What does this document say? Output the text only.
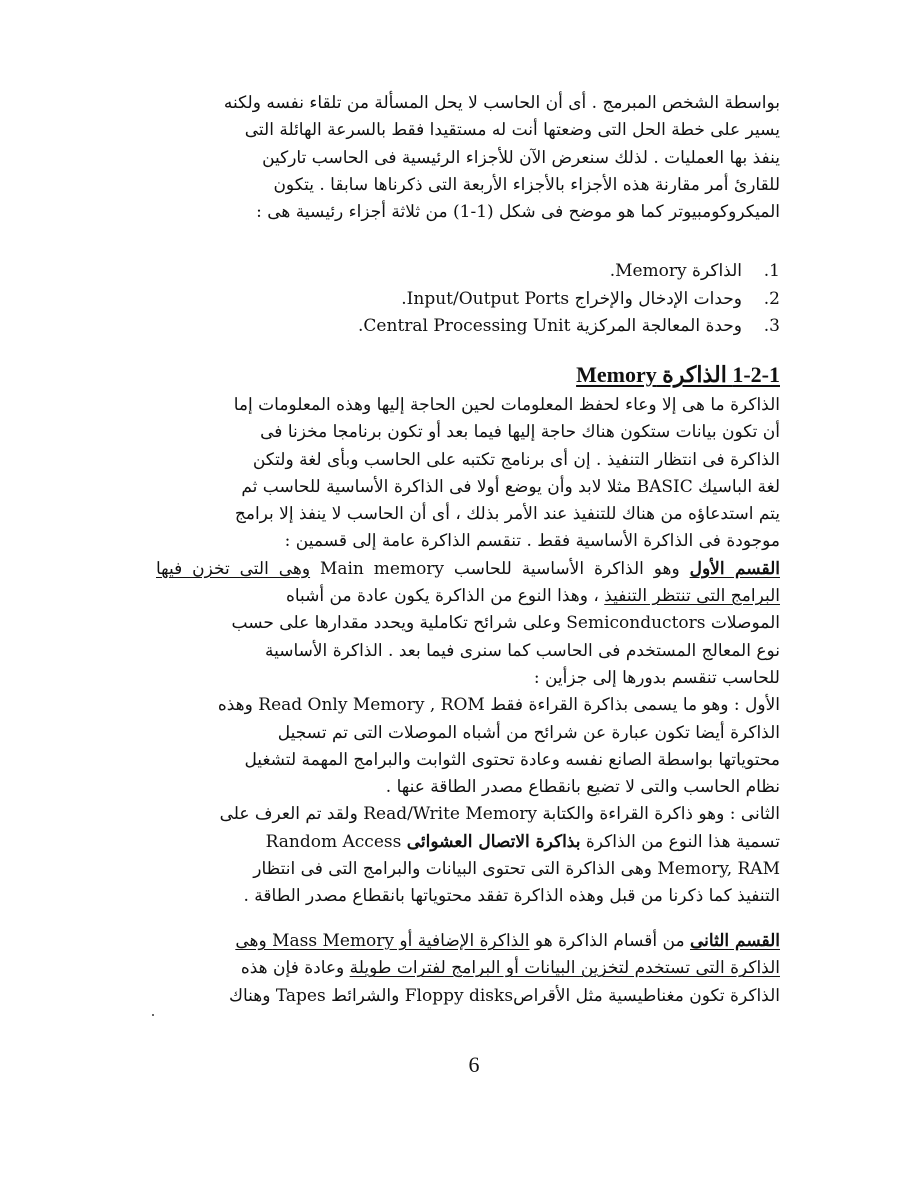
بواسطة الشخص المبرمج . أى أن الحاسب لا يحل المسألة من تلقاء نفسه ولكنه

يسير على خطة الحل التى وضعتها أنت له مستقيدا فقط بالسرعة الهائلة التى

ينفذ بها العمليات . لذلك سنعرض الآن للأجزاء الرئيسية فى الحاسب تاركين

للقارئ أمر مقارنة هذه الأجزاء بالأجزاء الأربعة التى ذكرناها سابقا . يتكون

الميكروكومبيوتر كما هو موضح فى شكل (1-1) من ثلاثة أجزاء رئيسية هى :

1.
الذاكرة Memory.
2.
وحدات الإدخال والإخراج Input/Output Ports.
3.
وحدة المعالجة المركزية Central Processing Unit.
1-2-1 الذاكرة Memory

الذاكرة ما هى إلا وعاء لحفظ المعلومات لحين الحاجة إليها وهذه المعلومات إما

أن تكون بيانات ستكون هناك حاجة إليها فيما بعد أو تكون برنامجا مخزنا فى

الذاكرة فى انتظار التنفيذ . إن أى برنامج تكتبه على الحاسب وبأى لغة ولتكن

لغة الباسيك BASIC مثلا لابد وأن يوضع أولا فى الذاكرة الأساسية للحاسب ثم

يتم استدعاؤه من هناك للتنفيذ عند الأمر بذلك ، أى أن الحاسب لا ينفذ إلا برامج

موجودة فى الذاكرة الأساسية فقط . تنقسم الذاكرة عامة إلى قسمين :

القسم الأول وهو الذاكرة الأساسية للحاسب Main memory وهى التى تخزن فيها البرامج التى تنتظر التنفيذ ، وهذا النوع من الذاكرة يكون عادة من أشباه

الموصلات Semiconductors وعلى شرائح تكاملية ويحدد مقدارها على حسب

نوع المعالج المستخدم فى الحاسب كما سنرى فيما بعد . الذاكرة الأساسية

للحاسب تنقسم بدورها إلى جزأين :

الأول : وهو ما يسمى بذاكرة القراءة فقط Read Only Memory , ROM وهذه

الذاكرة أيضا تكون عبارة عن شرائح من أشباه الموصلات التى تم تسجيل

محتوياتها بواسطة الصانع نفسه وعادة تحتوى الثوابت والبرامج المهمة لتشغيل

نظام الحاسب والتى لا تضيع بانقطاع مصدر الطاقة عنها .

الثانى : وهو ذاكرة القراءة والكتابة Read/Write Memory ولقد تم العرف على

تسمية هذا النوع من الذاكرة بذاكرة الاتصال العشوائى Random Access

Memory, RAM وهى الذاكرة التى تحتوى البيانات والبرامج التى فى انتظار

التنفيذ كما ذكرنا من قبل وهذه الذاكرة تفقد محتوياتها بانقطاع مصدر الطاقة .

القسم الثانى من أقسام الذاكرة هو الذاكرة الإضافية أو Mass Memory وهى

الذاكرة التى تستخدم لتخزين البيانات أو البرامج لفترات طويلة وعادة فإن هذه

الذاكرة تكون مغناطيسية مثل الأقراصFloppy disks والشرائط Tapes وهناك

6
